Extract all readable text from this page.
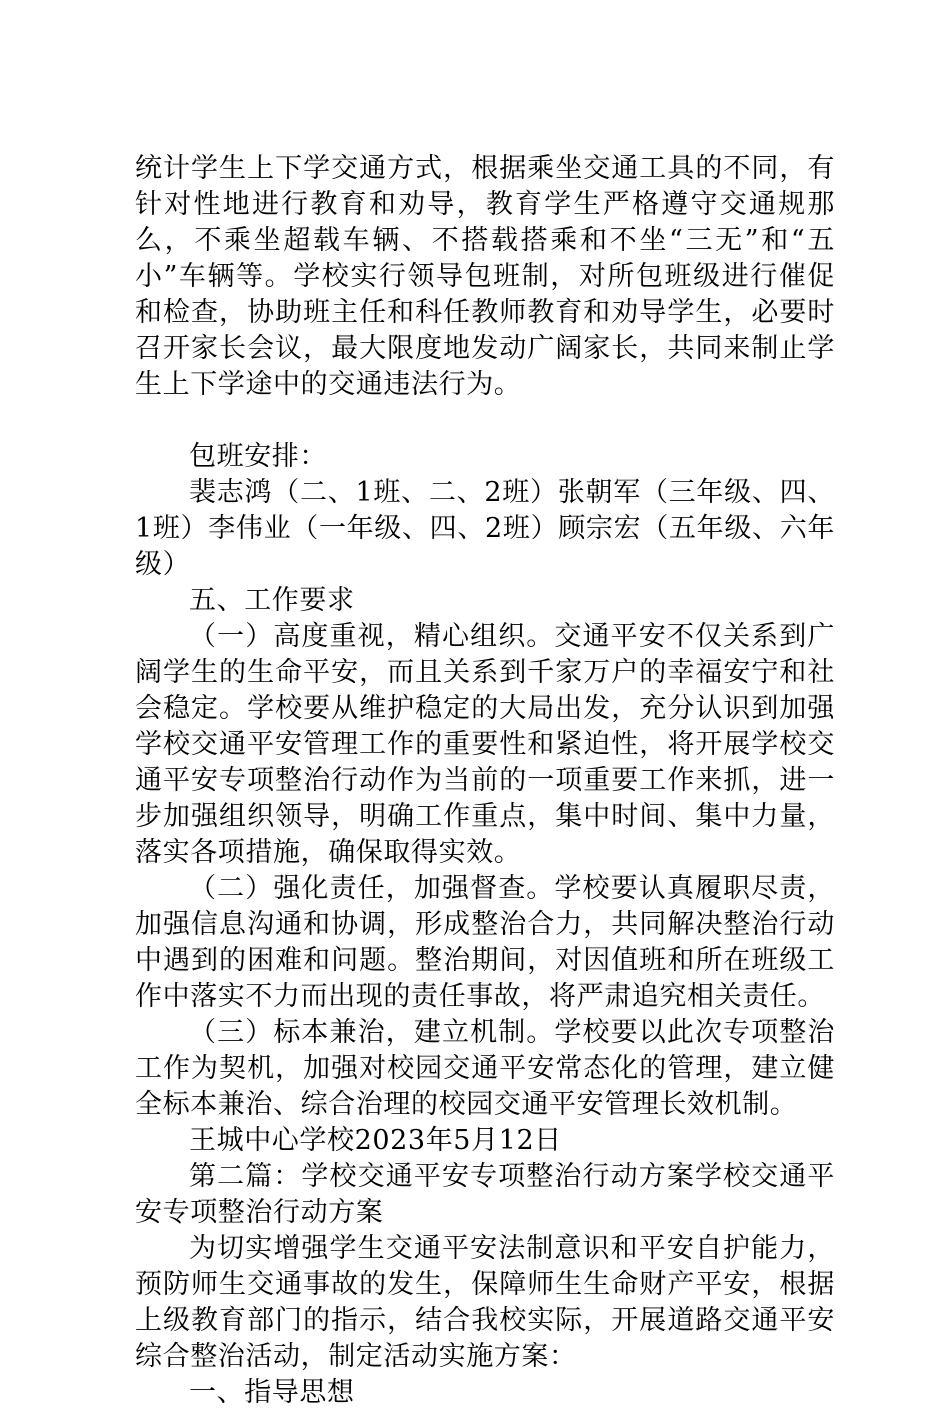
统计学生上下学交通方式，根据乘坐交通工具的不同，有针对性地进行教育和劝导，教育学生严格遵守交通规那么，不乘坐超载车辆、不搭载搭乘和不坐“三无”和“五小”车辆等。学校实行领导包班制，对所包班级进行催促和检查，协助班主任和科任教师教育和劝导学生，必要时召开家长会议，最大限度地发动广阔家长，共同来制止学生上下学途中的交通违法行为。

包班安排：

裴志鸿（二、1班、二、2班）张朝军（三年级、四、1班）李伟业（一年级、四、2班）顾宗宏（五年级、六年级）

五、工作要求

（一）高度重视，精心组织。交通平安不仅关系到广阔学生的生命平安，而且关系到千家万户的幸福安宁和社会稳定。学校要从维护稳定的大局出发，充分认识到加强学校交通平安管理工作的重要性和紧迫性，将开展学校交通平安专项整治行动作为当前的一项重要工作来抓，进一步加强组织领导，明确工作重点，集中时间、集中力量，落实各项措施，确保取得实效。

（二）强化责任，加强督查。学校要认真履职尽责，加强信息沟通和协调，形成整治合力，共同解决整治行动中遇到的困难和问题。整治期间，对因值班和所在班级工作中落实不力而出现的责任事故，将严肃追究相关责任。

（三）标本兼治，建立机制。学校要以此次专项整治工作为契机，加强对校园交通平安常态化的管理，建立健全标本兼治、综合治理的校园交通平安管理长效机制。

王城中心学校2023年5月12日

第二篇：学校交通平安专项整治行动方案学校交通平安专项整治行动方案

为切实增强学生交通平安法制意识和平安自护能力，预防师生交通事故的发生，保障师生生命财产平安，根据上级教育部门的指示，结合我校实际，开展道路交通平安综合整治活动，制定活动实施方案：

一、指导思想
